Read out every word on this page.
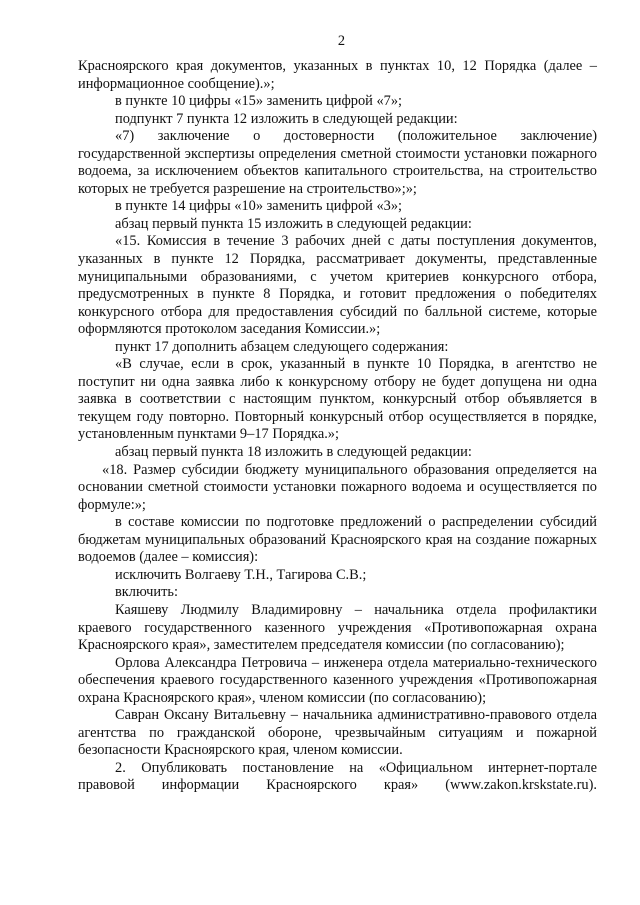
2

Красноярского края документов, указанных в пунктах 10, 12 Порядка (далее – информационное сообщение).»;

в пункте 10 цифры «15» заменить цифрой «7»;

подпункт 7 пункта 12 изложить в следующей редакции:

«7) заключение о достоверности (положительное заключение) государственной экспертизы определения сметной стоимости установки пожарного водоема, за исключением объектов капитального строительства, на строительство которых не требуется разрешение на строительство»;»;

в пункте 14 цифры «10» заменить цифрой «3»;

абзац первый пункта 15 изложить в следующей редакции:

«15. Комиссия в течение 3 рабочих дней с даты поступления документов, указанных в пункте 12 Порядка, рассматривает документы, представленные муниципальными образованиями, с учетом критериев конкурсного отбора, предусмотренных в пункте 8 Порядка, и готовит предложения о победителях конкурсного отбора для предоставления субсидий по балльной системе, которые оформляются протоколом заседания Комиссии.»;

пункт 17 дополнить абзацем следующего содержания:

«В случае, если в срок, указанный в пункте 10 Порядка, в агентство не поступит ни одна заявка либо к конкурсному отбору не будет допущена ни одна заявка в соответствии с настоящим пунктом, конкурсный отбор объявляется в текущем году повторно. Повторный конкурсный отбор осуществляется в порядке, установленным пунктами 9–17 Порядка.»;

абзац первый пункта 18 изложить в следующей редакции:

«18. Размер субсидии бюджету муниципального образования определяется на основании сметной стоимости установки пожарного водоема и осуществляется по формуле:»;

в составе комиссии по подготовке предложений о распределении субсидий бюджетам муниципальных образований Красноярского края на создание пожарных водоемов (далее – комиссия):

исключить Волгаеву Т.Н., Тагирова С.В.;

включить:

Каяшеву Людмилу Владимировну – начальника отдела профилактики краевого государственного казенного учреждения «Противопожарная охрана Красноярского края», заместителем председателя комиссии (по согласованию);

Орлова Александра Петровича – инженера отдела материально-технического обеспечения краевого государственного казенного учреждения «Противопожарная охрана Красноярского края», членом комиссии (по согласованию);

Савран Оксану Витальевну – начальника административно-правового отдела агентства по гражданской обороне, чрезвычайным ситуациям и пожарной безопасности Красноярского края, членом комиссии.

2. Опубликовать постановление на «Официальном интернет-портале правовой информации Красноярского края» (www.zakon.krskstate.ru).
